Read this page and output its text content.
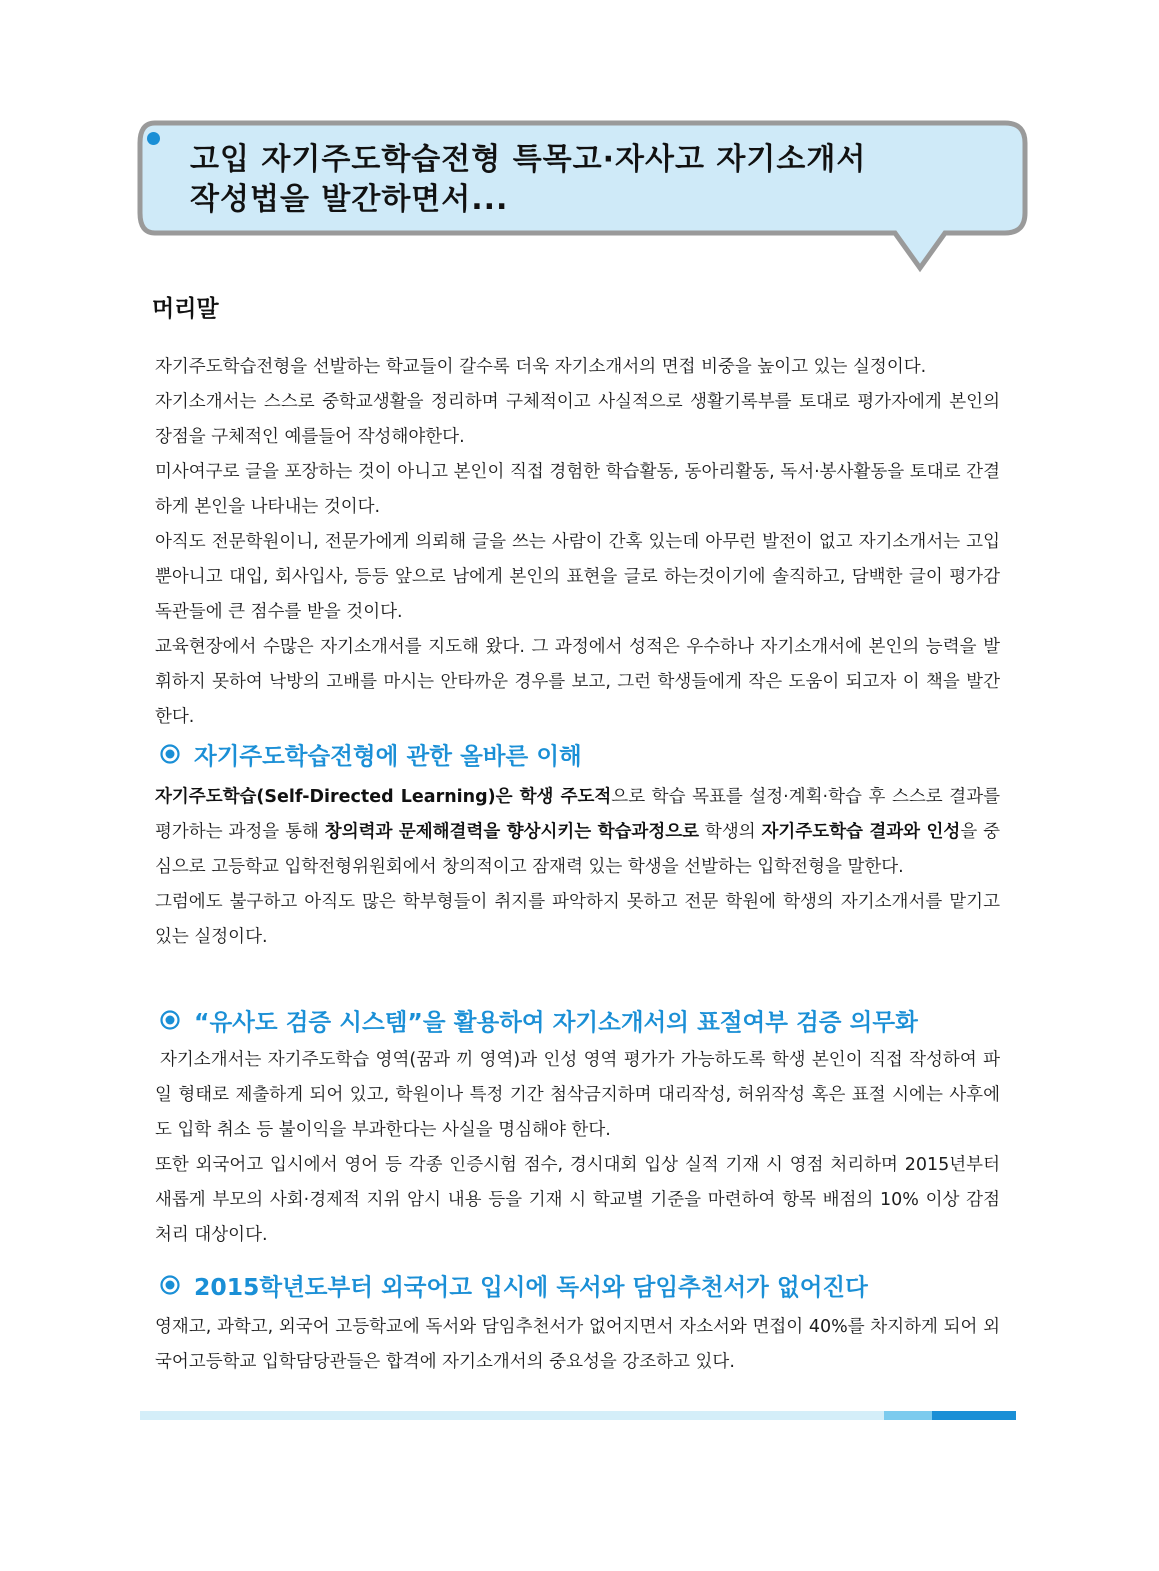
고입 자기주도학습전형 특목고·자사고 자기소개서
작성법을 발간하면서...
머리말

자기주도학습전형을 선발하는 학교들이 갈수록 더욱 자기소개서의 면접 비중을 높이고 있는 실정이다.

자기소개서는 스스로 중학교생활을 정리하며 구체적이고 사실적으로 생활기록부를 토대로 평가자에게 본인의 장점을 구체적인 예를들어 작성해야한다.

미사여구로 글을 포장하는 것이 아니고 본인이 직접 경험한 학습활동, 동아리활동, 독서·봉사활동을 토대로 간결하게 본인을 나타내는 것이다.

아직도 전문학원이니, 전문가에게 의뢰해 글을 쓰는 사람이 간혹 있는데 아무런 발전이 없고 자기소개서는 고입뿐아니고 대입, 회사입사, 등등 앞으로 남에게 본인의 표현을 글로 하는것이기에 솔직하고, 담백한 글이 평가감독관들에 큰 점수를 받을 것이다.

교육현장에서 수많은 자기소개서를 지도해 왔다. 그 과정에서 성적은 우수하나 자기소개서에 본인의 능력을 발휘하지 못하여 낙방의 고배를 마시는 안타까운 경우를 보고, 그런 학생들에게 작은 도움이 되고자 이 책을 발간한다.

자기주도학습전형에 관한 올바른 이해

자기주도학습(Self-Directed Learning)은 학생 주도적으로 학습 목표를 설정·계획·학습 후 스스로 결과를 평가하는 과정을 통해 창의력과 문제해결력을 향상시키는 학습과정으로 학생의 자기주도학습 결과와 인성을 중심으로 고등학교 입학전형위원회에서 창의적이고 잠재력 있는 학생을 선발하는 입학전형을 말한다.

그럼에도 불구하고 아직도 많은 학부형들이 취지를 파악하지 못하고 전문 학원에 학생의 자기소개서를 맡기고 있는 실정이다.

“유사도 검증 시스템”을 활용하여 자기소개서의 표절여부 검증 의무화

자기소개서는 자기주도학습 영역(꿈과 끼 영역)과 인성 영역 평가가 가능하도록 학생 본인이 직접 작성하여 파일 형태로 제출하게 되어 있고, 학원이나 특정 기간 첨삭금지하며 대리작성, 허위작성 혹은 표절 시에는 사후에도 입학 취소 등 불이익을 부과한다는 사실을 명심해야 한다.

또한 외국어고 입시에서 영어 등 각종 인증시험 점수, 경시대회 입상 실적 기재 시 영점 처리하며 2015년부터 새롭게 부모의 사회·경제적 지위 암시 내용 등을 기재 시 학교별 기준을 마련하여 항목 배점의 10% 이상 감점 처리 대상이다.

2015학년도부터 외국어고 입시에 독서와 담임추천서가 없어진다

영재고, 과학고, 외국어 고등학교에 독서와 담임추천서가 없어지면서 자소서와 면접이 40%를 차지하게 되어 외국어고등학교 입학담당관들은 합격에 자기소개서의 중요성을 강조하고 있다.
